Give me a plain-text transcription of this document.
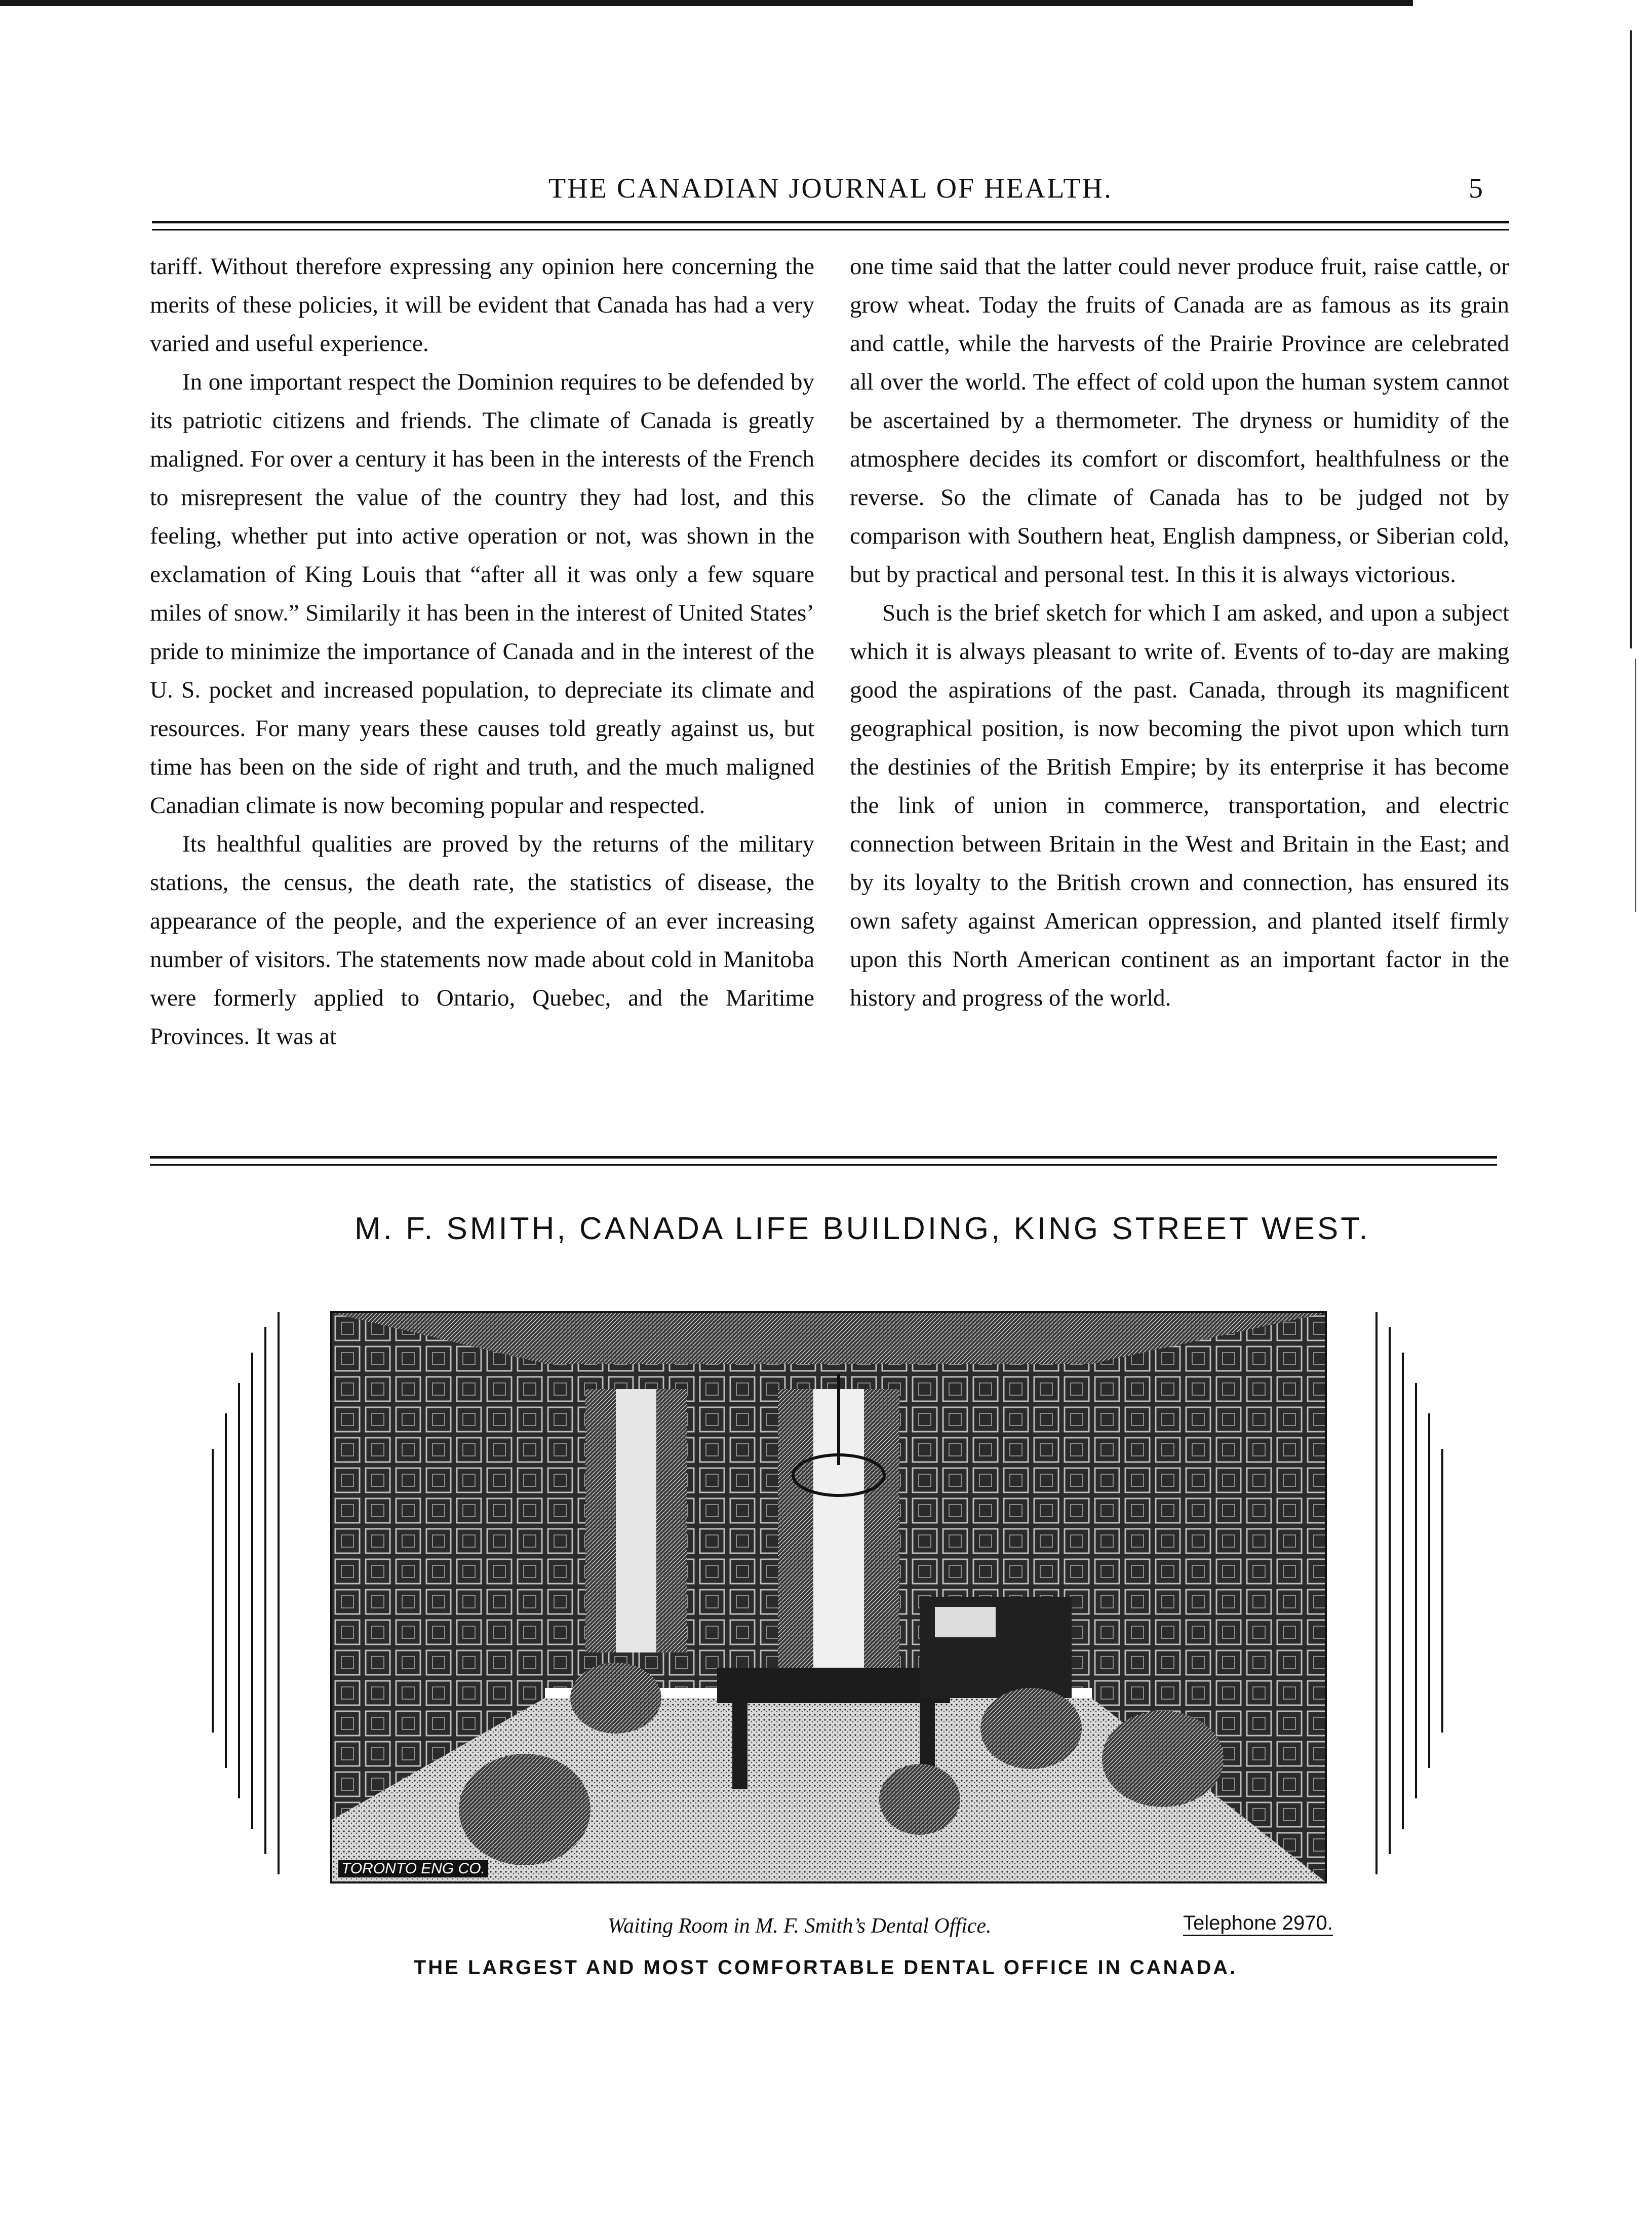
THE CANADIAN JOURNAL OF HEALTH.	5

tariff. Without therefore expressing any opinion here concerning the merits of these policies, it will be evident that Canada has had a very varied and useful experience.

In one important respect the Dominion requires to be defended by its patriotic citizens and friends. The climate of Canada is greatly maligned. For over a century it has been in the interests of the French to misrepresent the value of the country they had lost, and this feeling, whether put into active operation or not, was shown in the exclamation of King Louis that “after all it was only a few square miles of snow.” Similarily it has been in the interest of United States’ pride to minimize the importance of Canada and in the interest of the U. S. pocket and increased population, to depreciate its climate and resources. For many years these causes told greatly against us, but time has been on the side of right and truth, and the much maligned Canadian climate is now becoming popular and respected.

Its healthful qualities are proved by the returns of the military stations, the census, the death rate, the statistics of disease, the appearance of the people, and the experience of an ever increasing number of visitors. The statements now made about cold in Manitoba were formerly applied to Ontario, Quebec, and the Maritime Provinces. It was at

one time said that the latter could never produce fruit, raise cattle, or grow wheat. Today the fruits of Canada are as famous as its grain and cattle, while the harvests of the Prairie Province are celebrated all over the world. The effect of cold upon the human system cannot be ascertained by a thermometer. The dryness or humidity of the atmosphere decides its comfort or discomfort, healthfulness or the reverse. So the climate of Canada has to be judged not by comparison with Southern heat, English dampness, or Siberian cold, but by practical and personal test. In this it is always victorious.

Such is the brief sketch for which I am asked, and upon a subject which it is always pleasant to write of. Events of to-day are making good the aspirations of the past. Canada, through its magnificent geographical position, is now becoming the pivot upon which turn the destinies of the British Empire; by its enterprise it has become the link of union in commerce, transportation, and electric connection between Britain in the West and Britain in the East; and by its loyalty to the British crown and connection, has ensured its own safety against American oppression, and planted itself firmly upon this North American continent as an important factor in the history and progress of the world.

M. F. SMITH, CANADA LIFE BUILDING, KING STREET WEST.
TORONTO ENG CO.
Waiting Room in M. F. Smith’s Dental Office.	Telephone 2970.
THE LARGEST AND MOST COMFORTABLE DENTAL OFFICE IN CANADA.
